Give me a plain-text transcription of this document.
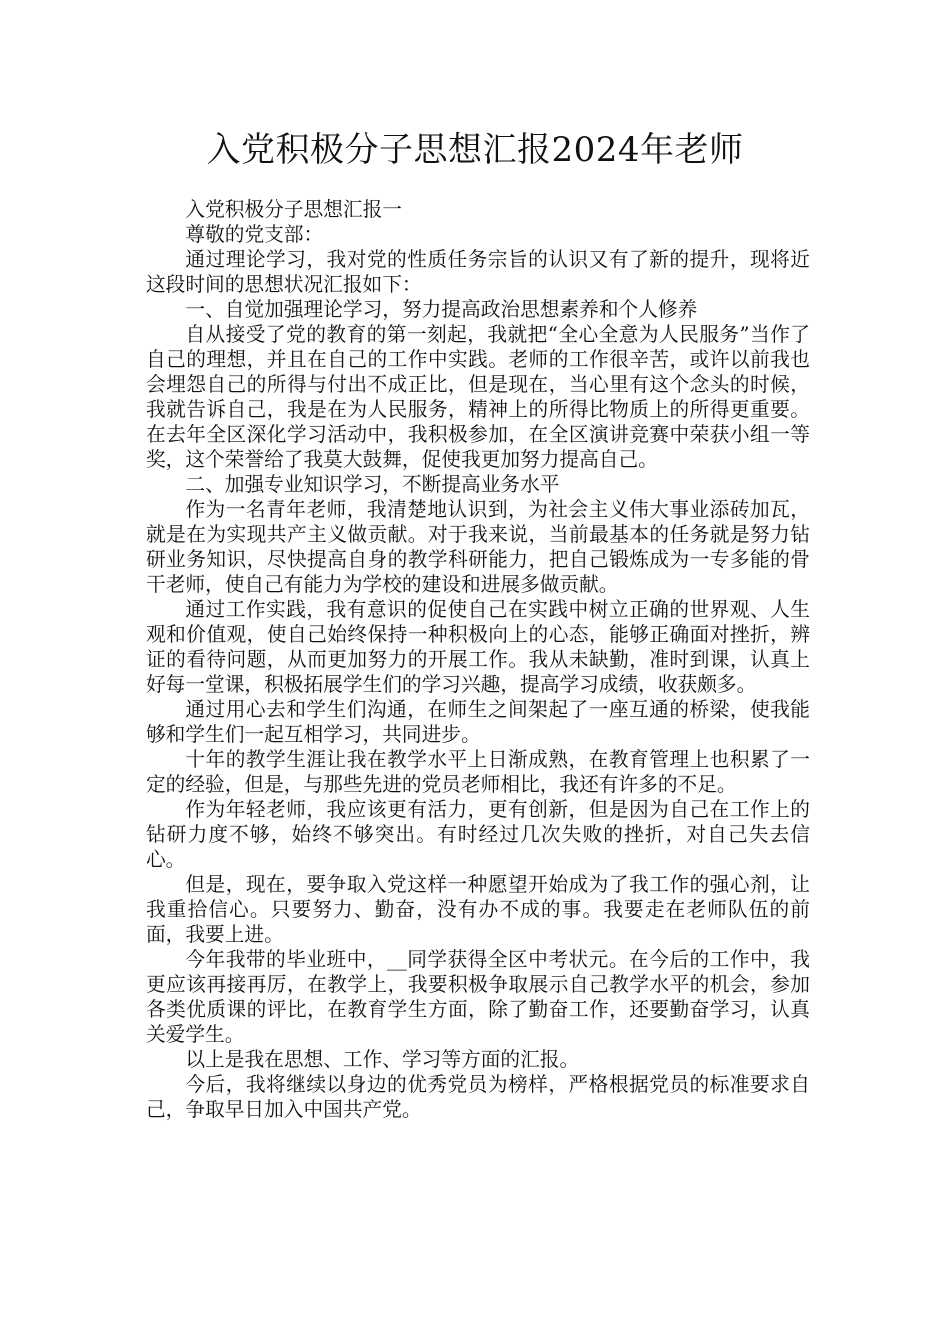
入党积极分子思想汇报2024年老师

入党积极分子思想汇报一

尊敬的党支部：

通过理论学习，我对党的性质任务宗旨的认识又有了新的提升，现将近这段时间的思想状况汇报如下：

一、自觉加强理论学习，努力提高政治思想素养和个人修养

自从接受了党的教育的第一刻起，我就把“全心全意为人民服务”当作了自己的理想，并且在自己的工作中实践。老师的工作很辛苦，或许以前我也会埋怨自己的所得与付出不成正比，但是现在，当心里有这个念头的时候，我就告诉自己，我是在为人民服务，精神上的所得比物质上的所得更重要。在去年全区深化学习活动中，我积极参加，在全区演讲竞赛中荣获小组一等奖，这个荣誉给了我莫大鼓舞，促使我更加努力提高自己。

二、加强专业知识学习，不断提高业务水平

作为一名青年老师，我清楚地认识到，为社会主义伟大事业添砖加瓦，就是在为实现共产主义做贡献。对于我来说，当前最基本的任务就是努力钻研业务知识，尽快提高自身的教学科研能力，把自己锻炼成为一专多能的骨干老师，使自己有能力为学校的建设和进展多做贡献。

通过工作实践，我有意识的促使自己在实践中树立正确的世界观、人生观和价值观，使自己始终保持一种积极向上的心态，能够正确面对挫折，辨证的看待问题，从而更加努力的开展工作。我从未缺勤，准时到课，认真上好每一堂课，积极拓展学生们的学习兴趣，提高学习成绩，收获颇多。

通过用心去和学生们沟通，在师生之间架起了一座互通的桥梁，使我能够和学生们一起互相学习，共同进步。

十年的教学生涯让我在教学水平上日渐成熟，在教育管理上也积累了一定的经验，但是，与那些先进的党员老师相比，我还有许多的不足。

作为年轻老师，我应该更有活力，更有创新，但是因为自己在工作上的钻研力度不够，始终不够突出。有时经过几次失败的挫折，对自己失去信心。

但是，现在，要争取入党这样一种愿望开始成为了我工作的强心剂，让我重拾信心。只要努力、勤奋，没有办不成的事。我要走在老师队伍的前面，我要上进。

今年我带的毕业班中，__同学获得全区中考状元。在今后的工作中，我更应该再接再厉，在教学上，我要积极争取展示自己教学水平的机会，参加各类优质课的评比，在教育学生方面，除了勤奋工作，还要勤奋学习，认真关爱学生。

以上是我在思想、工作、学习等方面的汇报。

今后，我将继续以身边的优秀党员为榜样，严格根据党员的标准要求自己，争取早日加入中国共产党。
